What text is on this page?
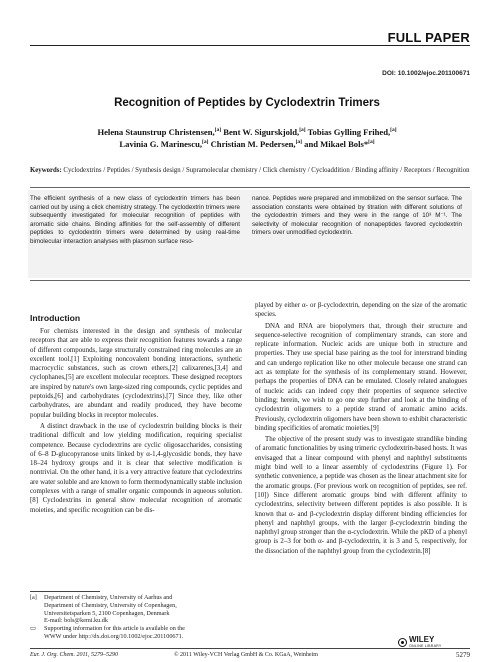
FULL PAPER
DOI: 10.1002/ejoc.201100671
Recognition of Peptides by Cyclodextrin Trimers
Helena Staunstrup Christensen,[a] Bent W. Sigurskjold,[a] Tobias Gylling Frihed,[a]
Lavinia G. Marinescu,[a] Christian M. Pedersen,[a] and Mikael Bols*[a]
Keywords: Cyclodextrins / Peptides / Synthesis design / Supramolecular chemistry / Click chemistry / Cycloaddition / Binding affinity / Receptors / Recognition
The efficient synthesis of a new class of cyclodextrin trimers has been carried out by using a click chemistry strategy. The cyclodextrin trimers were subsequently investigated for molecular recognition of peptides with aromatic side chains. Binding affinities for the self-assembly of different peptides to cyclodextrin trimers were determined by using real-time bimolecular interaction analyses with plasmon surface reso-
nance. Peptides were prepared and immobilized on the sensor surface. The association constants were obtained by titration with different solutions of the cyclodextrin trimers and they were in the range of 10³ M⁻¹. The selectivity of molecular recognition of nonapeptides favored cyclodextrin trimers over unmodified cyclodextrin.
Introduction

For chemists interested in the design and synthesis of molecular receptors that are able to express their recognition features towards a range of different compounds, large structurally constrained ring molecules are an excellent tool.[1] Exploiting noncovalent bonding interactions, synthetic macrocyclic substances, such as crown ethers,[2] calixarenes,[3,4] and cyclophanes,[5] are excellent molecular receptors. These designed receptors are inspired by nature's own large-sized ring compounds, cyclic peptides and peptoids,[6] and carbohydrates (cyclodextrins).[7] Since they, like other carbohydrates, are abundant and readily produced, they have become popular building blocks in receptor molecules.

A distinct drawback in the use of cyclodextrin building blocks is their traditional difficult and low yielding modification, requiring specialist competence. Because cyclodextrins are cyclic oligosaccharides, consisting of 6–8 D-glucopyranose units linked by α-1,4-glycosidic bonds, they have 18–24 hydroxy groups and it is clear that selective modification is nontrivial. On the other hand, it is a very attractive feature that cyclodextrins are water soluble and are known to form thermodynamically stable inclusion complexes with a range of smaller organic compounds in aqueous solution.[8] Cyclodextrins in general show molecular recognition of aromatic moieties, and specific recognition can be dis-

played by either α- or β-cyclodextrin, depending on the size of the aromatic species.

DNA and RNA are biopolymers that, through their structure and sequence-selective recognition of complimentary strands, can store and replicate information. Nucleic acids are unique both in structure and properties. They use special base pairing as the tool for interstrand binding and can undergo replication like no other molecule because one strand can act as template for the synthesis of its complementary strand. However, perhaps the properties of DNA can be emulated. Closely related analogues of nucleic acids can indeed copy their properties of sequence selective binding; herein, we wish to go one step further and look at the binding of cyclodextrin oligomers to a peptide strand of aromatic amino acids. Previously, cyclodextrin oligomers have been shown to exhibit characteristic binding specificities of aromatic moieties.[9]

The objective of the present study was to investigate strandlike binding of aromatic functionalities by using trimeric cyclodextrin-based hosts. It was envisaged that a linear compound with phenyl and naphthyl substituents might bind well to a linear assembly of cyclodextrins (Figure 1). For synthetic convenience, a peptide was chosen as the linear attachment site for the aromatic groups. (For previous work on recognition of peptides, see ref.[10]) Since different aromatic groups bind with different affinity to cyclodextrins, selectivity between different peptides is also possible. It is known that α- and β-cyclodextrin display different binding efficiencies for phenyl and naphthyl groups, with the larger β-cyclodextrin binding the naphthyl group stronger than the α-cyclodextrin. While the pKD of a phenyl group is 2–3 for both α- and β-cyclodextrin, it is 3 and 5, respectively, for the dissociation of the naphthyl group from the cyclodextrin.[8]

[a]	Department of Chemistry, University of Aarhus and
Department of Chemistry, University of Copenhagen,
Universitetsparken 5, 2100 Copenhagen, Denmark
E-mail: bols@kemi.ku.dk
▭	Supporting information for this article is available on the
WWW under http://dx.doi.org/10.1002/ejoc.201100671.	WILEY
ONLINE LIBRARY
Eur. J. Org. Chem. 2011, 5279–5290	© 2011 Wiley-VCH Verlag GmbH & Co. KGaA, Weinheim	5279
